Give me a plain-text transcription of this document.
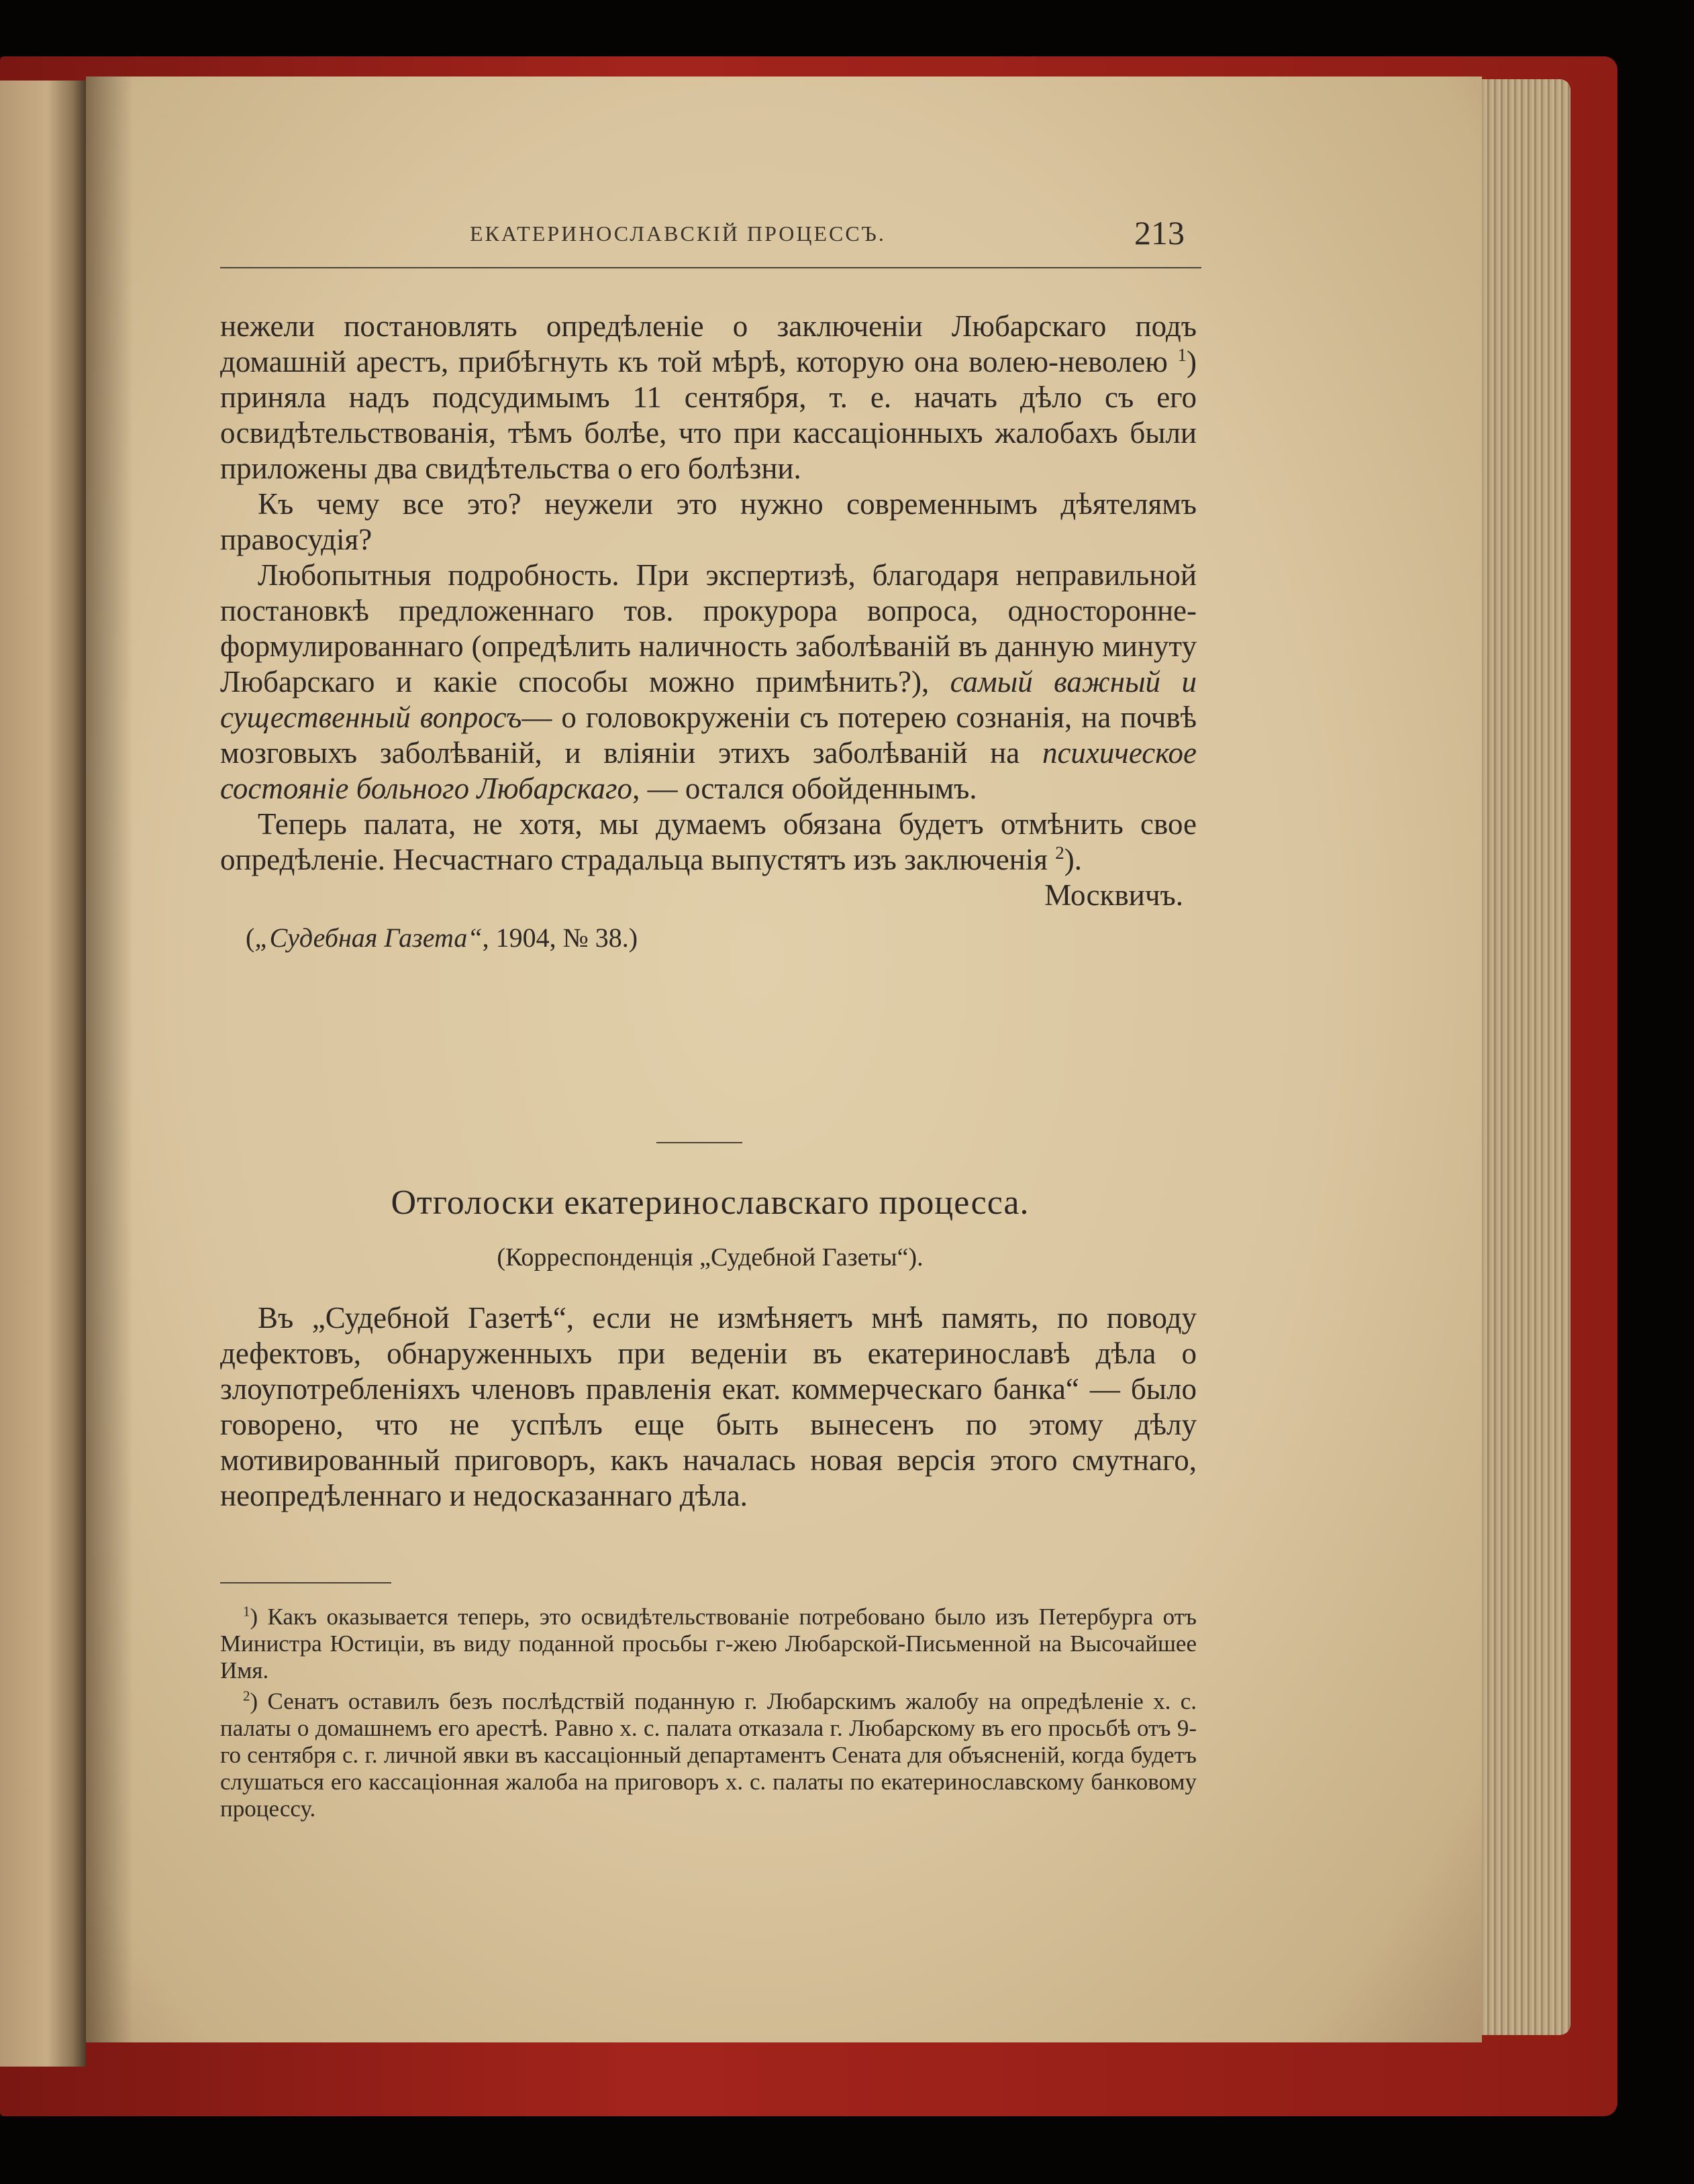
ЕКАТЕРИНОСЛАВСКІЙ ПРОЦЕССЪ.	213

нежели постановлять опредѣленіе о заключеніи Любарскаго подъ домашній арестъ, прибѣгнуть къ той мѣрѣ, которую она волею-неволею $^1$) приняла надъ подсудимымъ 11 сентября, т. е. начать дѣло съ его освидѣтельствованія, тѣмъ болѣе, что при кассаціонныхъ жалобахъ были приложены два свидѣтельства о его болѣзни.

Къ чему все это? неужели это нужно современнымъ дѣятелямъ правосудія?

Любопытныя подробность. При экспертизѣ, благодаря неправильной постановкѣ предложеннаго тов. прокурора вопроса, односторонне-формулированнаго (опредѣлить наличность заболѣваній въ данную минуту Любарскаго и какіе способы можно примѣнить?), самый важный и существенный вопросъ— о головокруженіи съ потерею сознанія, на почвѣ мозговыхъ заболѣваній, и вліяніи этихъ заболѣваній на психическое состояніе больного Любарскаго, — остался обойденнымъ.

Теперь палата, не хотя, мы думаемъ обязана будетъ отмѣнить свое опредѣленіе. Несчастнаго страдальца выпустятъ изъ заключенія $^2$).

Москвичъ.

(„Судебная Газета“, 1904, № 38.)

Отголоски екатеринославскаго процесса.
(Корреспонденція „Судебной Газеты“).

Въ „Судебной Газетѣ“, если не измѣняетъ мнѣ память, по поводу дефектовъ, обнаруженныхъ при веденіи въ екатеринославѣ дѣла о злоупотребленіяхъ членовъ правленія екат. коммерческаго банка“ — было говорено, что не успѣлъ еще быть вынесенъ по этому дѣлу мотивированный приговоръ, какъ началась новая версія этого смутнаго, неопредѣленнаго и недосказаннаго дѣла.

$^1$) Какъ оказывается теперь, это освидѣтельствованіе потребовано было изъ Петербурга отъ Министра Юстиціи, въ виду поданной просьбы г-жею Любарской-Письменной на Высочайшее Имя.

$^2$) Сенатъ оставилъ безъ послѣдствій поданную г. Любарскимъ жалобу на опредѣленіе х. с. палаты о домашнемъ его арестѣ. Равно х. с. палата отказала г. Любарскому въ его просьбѣ отъ 9-го сентября с. г. личной явки въ кассаціонный департаментъ Сената для объясненій, когда будетъ слушаться его кассаціонная жалоба на приговоръ х. с. палаты по екатеринославскому банковому процессу.
